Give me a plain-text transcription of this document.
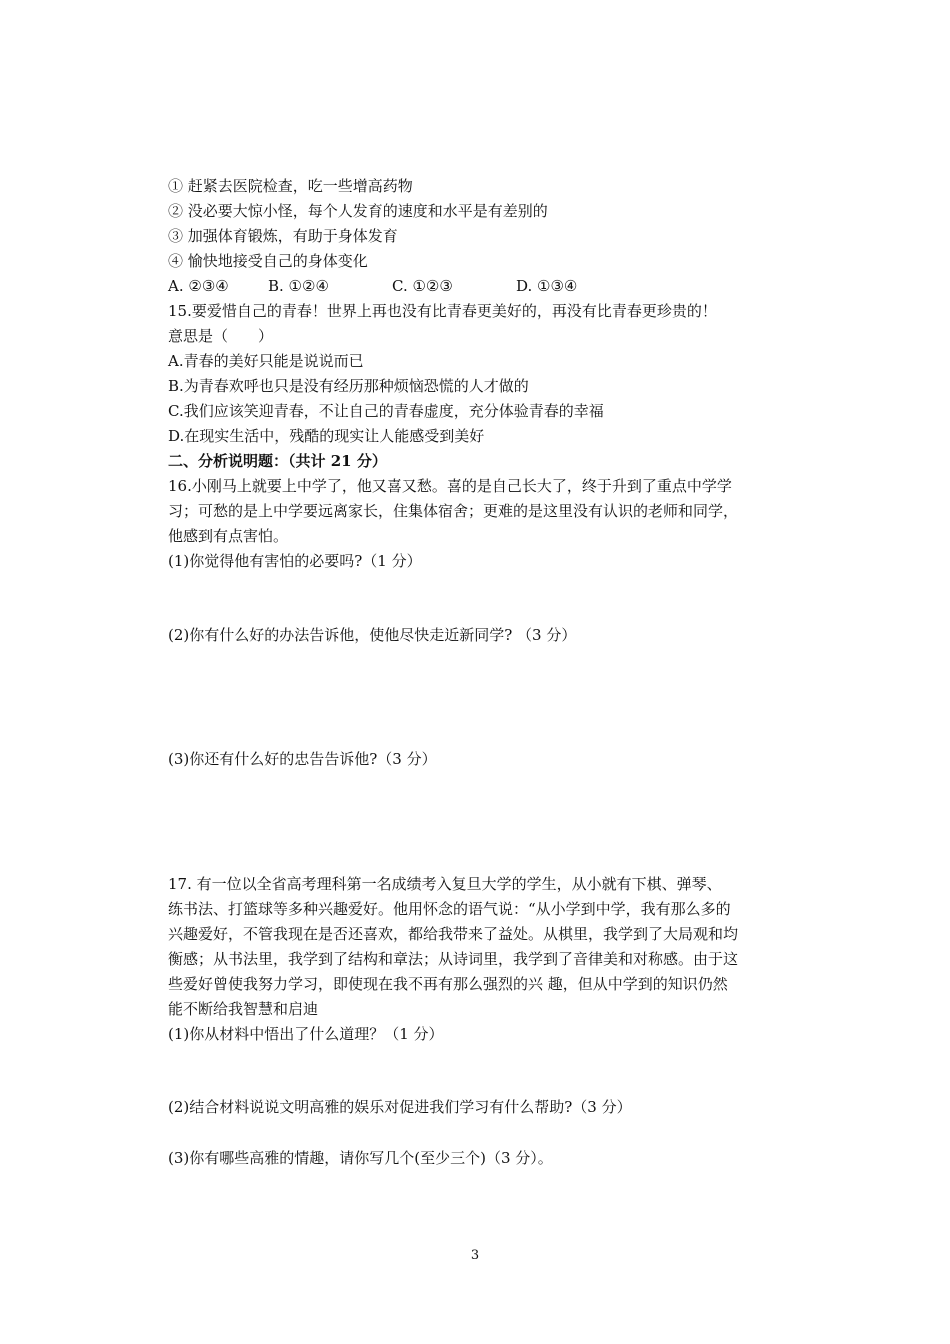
① 赶紧去医院检查，吃一些增高药物
② 没必要大惊小怪，每个人发育的速度和水平是有差别的
③ 加强体育锻炼，有助于身体发育
④ 愉快地接受自己的身体变化
A. ②③④	B. ①②④	C. ①②③	D. ①③④
15.要爱惜自己的青春！世界上再也没有比青春更美好的，再没有比青春更珍贵的！
意思是（　　）
A.青春的美好只能是说说而已
B.为青春欢呼也只是没有经历那种烦恼恐慌的人才做的
C.我们应该笑迎青春，不让自己的青春虚度，充分体验青春的幸福
D.在现实生活中，残酷的现实让人能感受到美好
二、分析说明题：（共计 21 分）
16.小刚马上就要上中学了，他又喜又愁。喜的是自己长大了，终于升到了重点中学学
习；可愁的是上中学要远离家长，住集体宿舍；更难的是这里没有认识的老师和同学，
他感到有点害怕。
(1)你觉得他有害怕的必要吗?（1 分）
(2)你有什么好的办法告诉他，使他尽快走近新同学? （3 分）
(3)你还有什么好的忠告告诉他?（3 分）
17. 有一位以全省高考理科第一名成绩考入复旦大学的学生，从小就有下棋、弹琴、
练书法、打篮球等多种兴趣爱好。他用怀念的语气说：“从小学到中学，我有那么多的
兴趣爱好，不管我现在是否还喜欢，都给我带来了益处。从棋里，我学到了大局观和均
衡感；从书法里，我学到了结构和章法；从诗词里，我学到了音律美和对称感。由于这
些爱好曾使我努力学习，即使现在我不再有那么强烈的兴 趣，但从中学到的知识仍然
能不断给我智慧和启迪
(1)你从材料中悟出了什么道理？（1 分）
(2)结合材料说说文明高雅的娱乐对促进我们学习有什么帮助?（3 分）
(3)你有哪些高雅的情趣，请你写几个(至少三个)（3 分）。
3
